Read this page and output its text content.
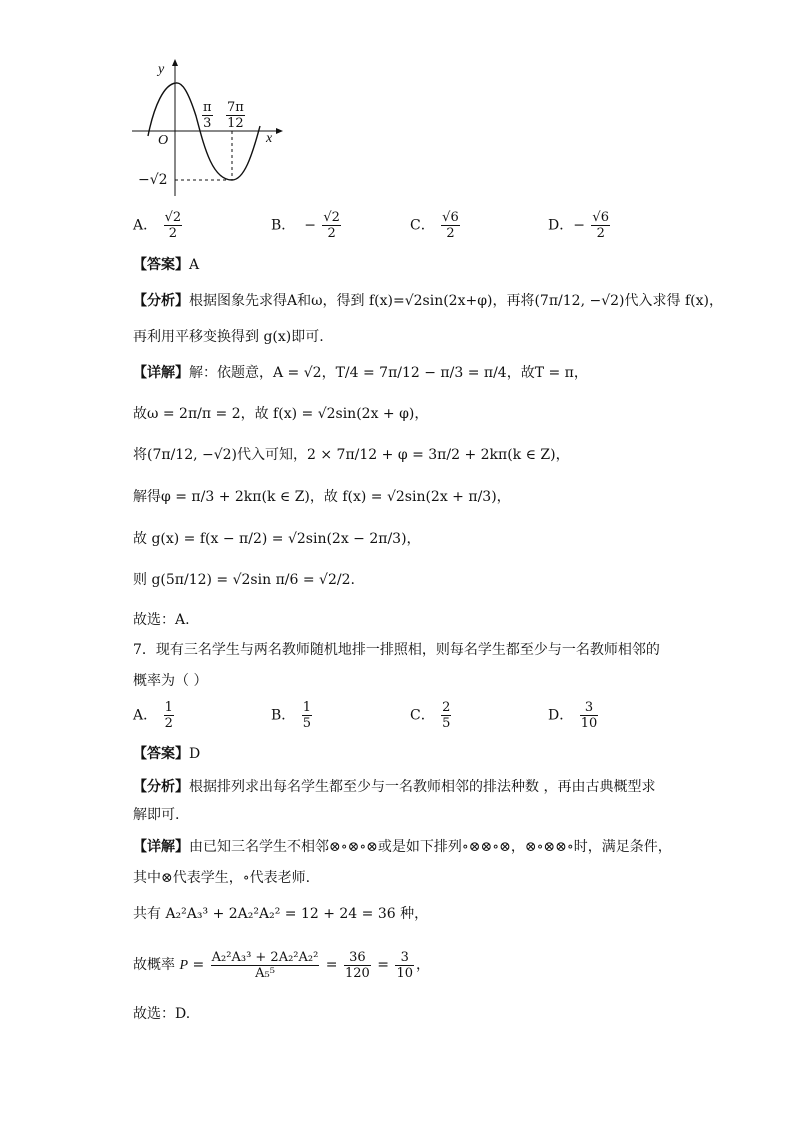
y
x
O
$\frac{\pi}{3} \frac{7\pi}{12}$
−√2
A． $\frac{√2}{2}$	B． − $\frac{√2}{2}$	C． $\frac{√6}{2}$	D．− $\frac{√6}{2}$
【答案】A
【分析】根据图象先求得A和ω，得到 f(x)=√2sin(2x+φ)，再将(7π/12, −√2)代入求得 f(x)，
再利用平移变换得到 g(x)即可.
【详解】解：依题意，A = √2，T/4 = 7π/12 − π/3 = π/4，故T = π，
故ω = 2π/π = 2，故 f(x) = √2sin(2x + φ)，
将(7π/12, −√2)代入可知，2 × 7π/12 + φ = 3π/2 + 2kπ(k ∈ Z)，
解得φ = π/3 + 2kπ(k ∈ Z)，故 f(x) = √2sin(2x + π/3)，
故 g(x) = f(x − π/2) = √2sin(2x − 2π/3)，
则 g(5π/12) = √2sin π/6 = √2/2.
故选：A.
7．现有三名学生与两名教师随机地排一排照相，则每名学生都至少与一名教师相邻的
概率为（ ）
A． $\frac{1}{2}$	B． $\frac{1}{5}$	C． $\frac{2}{5}$	D． $\frac{3}{10}$
【答案】D
【分析】根据排列求出每名学生都至少与一名教师相邻的排法种数 ，再由古典概型求
解即可.
【详解】由已知三名学生不相邻⊗∘⊗∘⊗或是如下排列∘⊗⊗∘⊗，⊗∘⊗⊗∘时，满足条件，
其中⊗代表学生，∘代表老师.
共有 A₂²A₃³ + 2A₂²A₂² = 12 + 24 = 36 种，
故概率 $P = \frac{\text{A₂²A₃³ + 2A₂²A₂²}}{\text{A₅⁵}} = \frac{36}{120} = \frac{3}{10}$ ，
故选：D.
